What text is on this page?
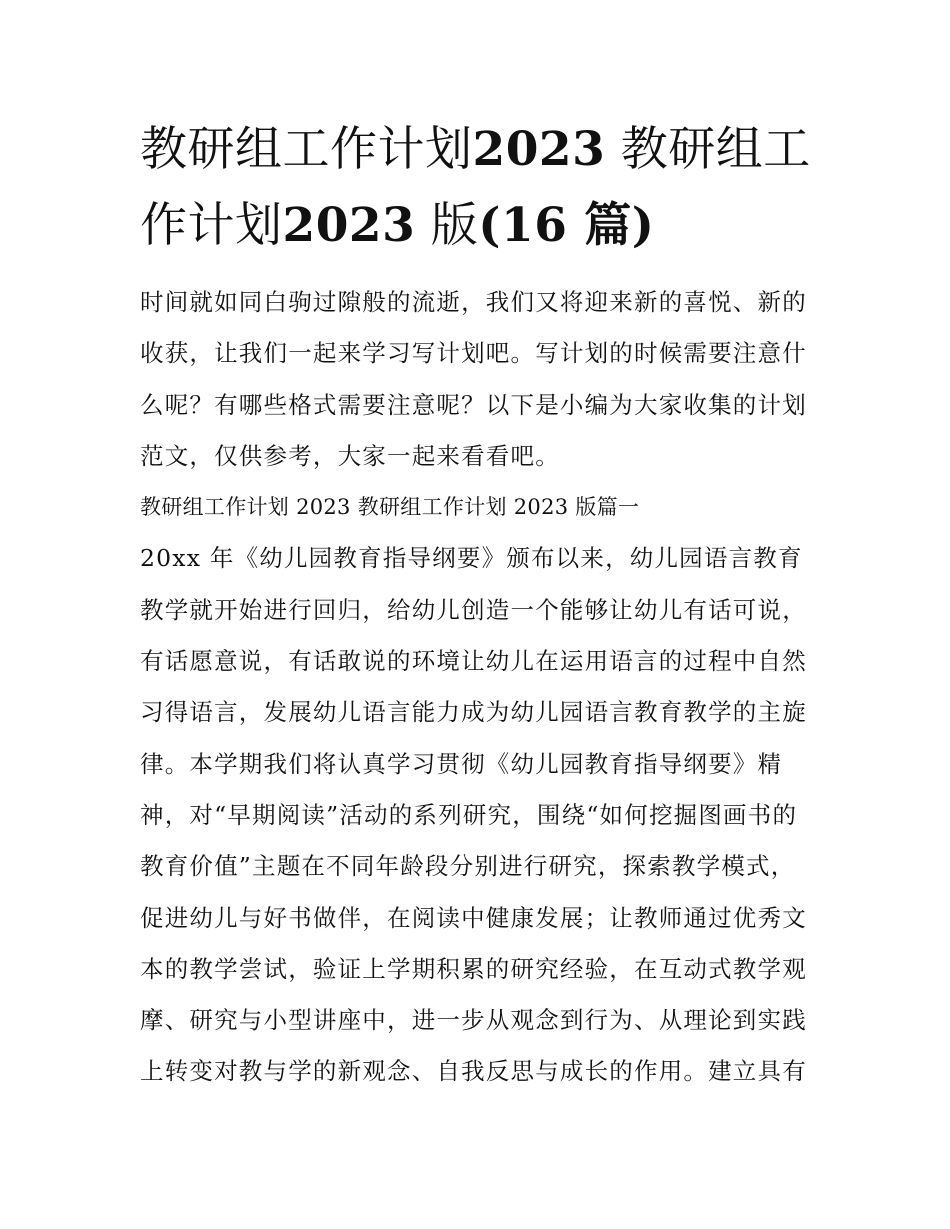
教研组工作计划2023 教研组工
作计划2023 版(16 篇)
时间就如同白驹过隙般的流逝，我们又将迎来新的喜悦、新的
收获，让我们一起来学习写计划吧。写计划的时候需要注意什
么呢？有哪些格式需要注意呢？以下是小编为大家收集的计划
范文，仅供参考，大家一起来看看吧。
教研组工作计划 2023 教研组工作计划 2023 版篇一
20xx 年《幼儿园教育指导纲要》颁布以来，幼儿园语言教育
教学就开始进行回归，给幼儿创造一个能够让幼儿有话可说，
有话愿意说，有话敢说的环境让幼儿在运用语言的过程中自然
习得语言，发展幼儿语言能力成为幼儿园语言教育教学的主旋
律。本学期我们将认真学习贯彻《幼儿园教育指导纲要》精
神，对“早期阅读”活动的系列研究，围绕“如何挖掘图画书的
教育价值”主题在不同年龄段分别进行研究，探索教学模式，
促进幼儿与好书做伴，在阅读中健康发展；让教师通过优秀文
本的教学尝试，验证上学期积累的研究经验，在互动式教学观
摩、研究与小型讲座中，进一步从观念到行为、从理论到实践
上转变对教与学的新观念、自我反思与成长的作用。建立具有
